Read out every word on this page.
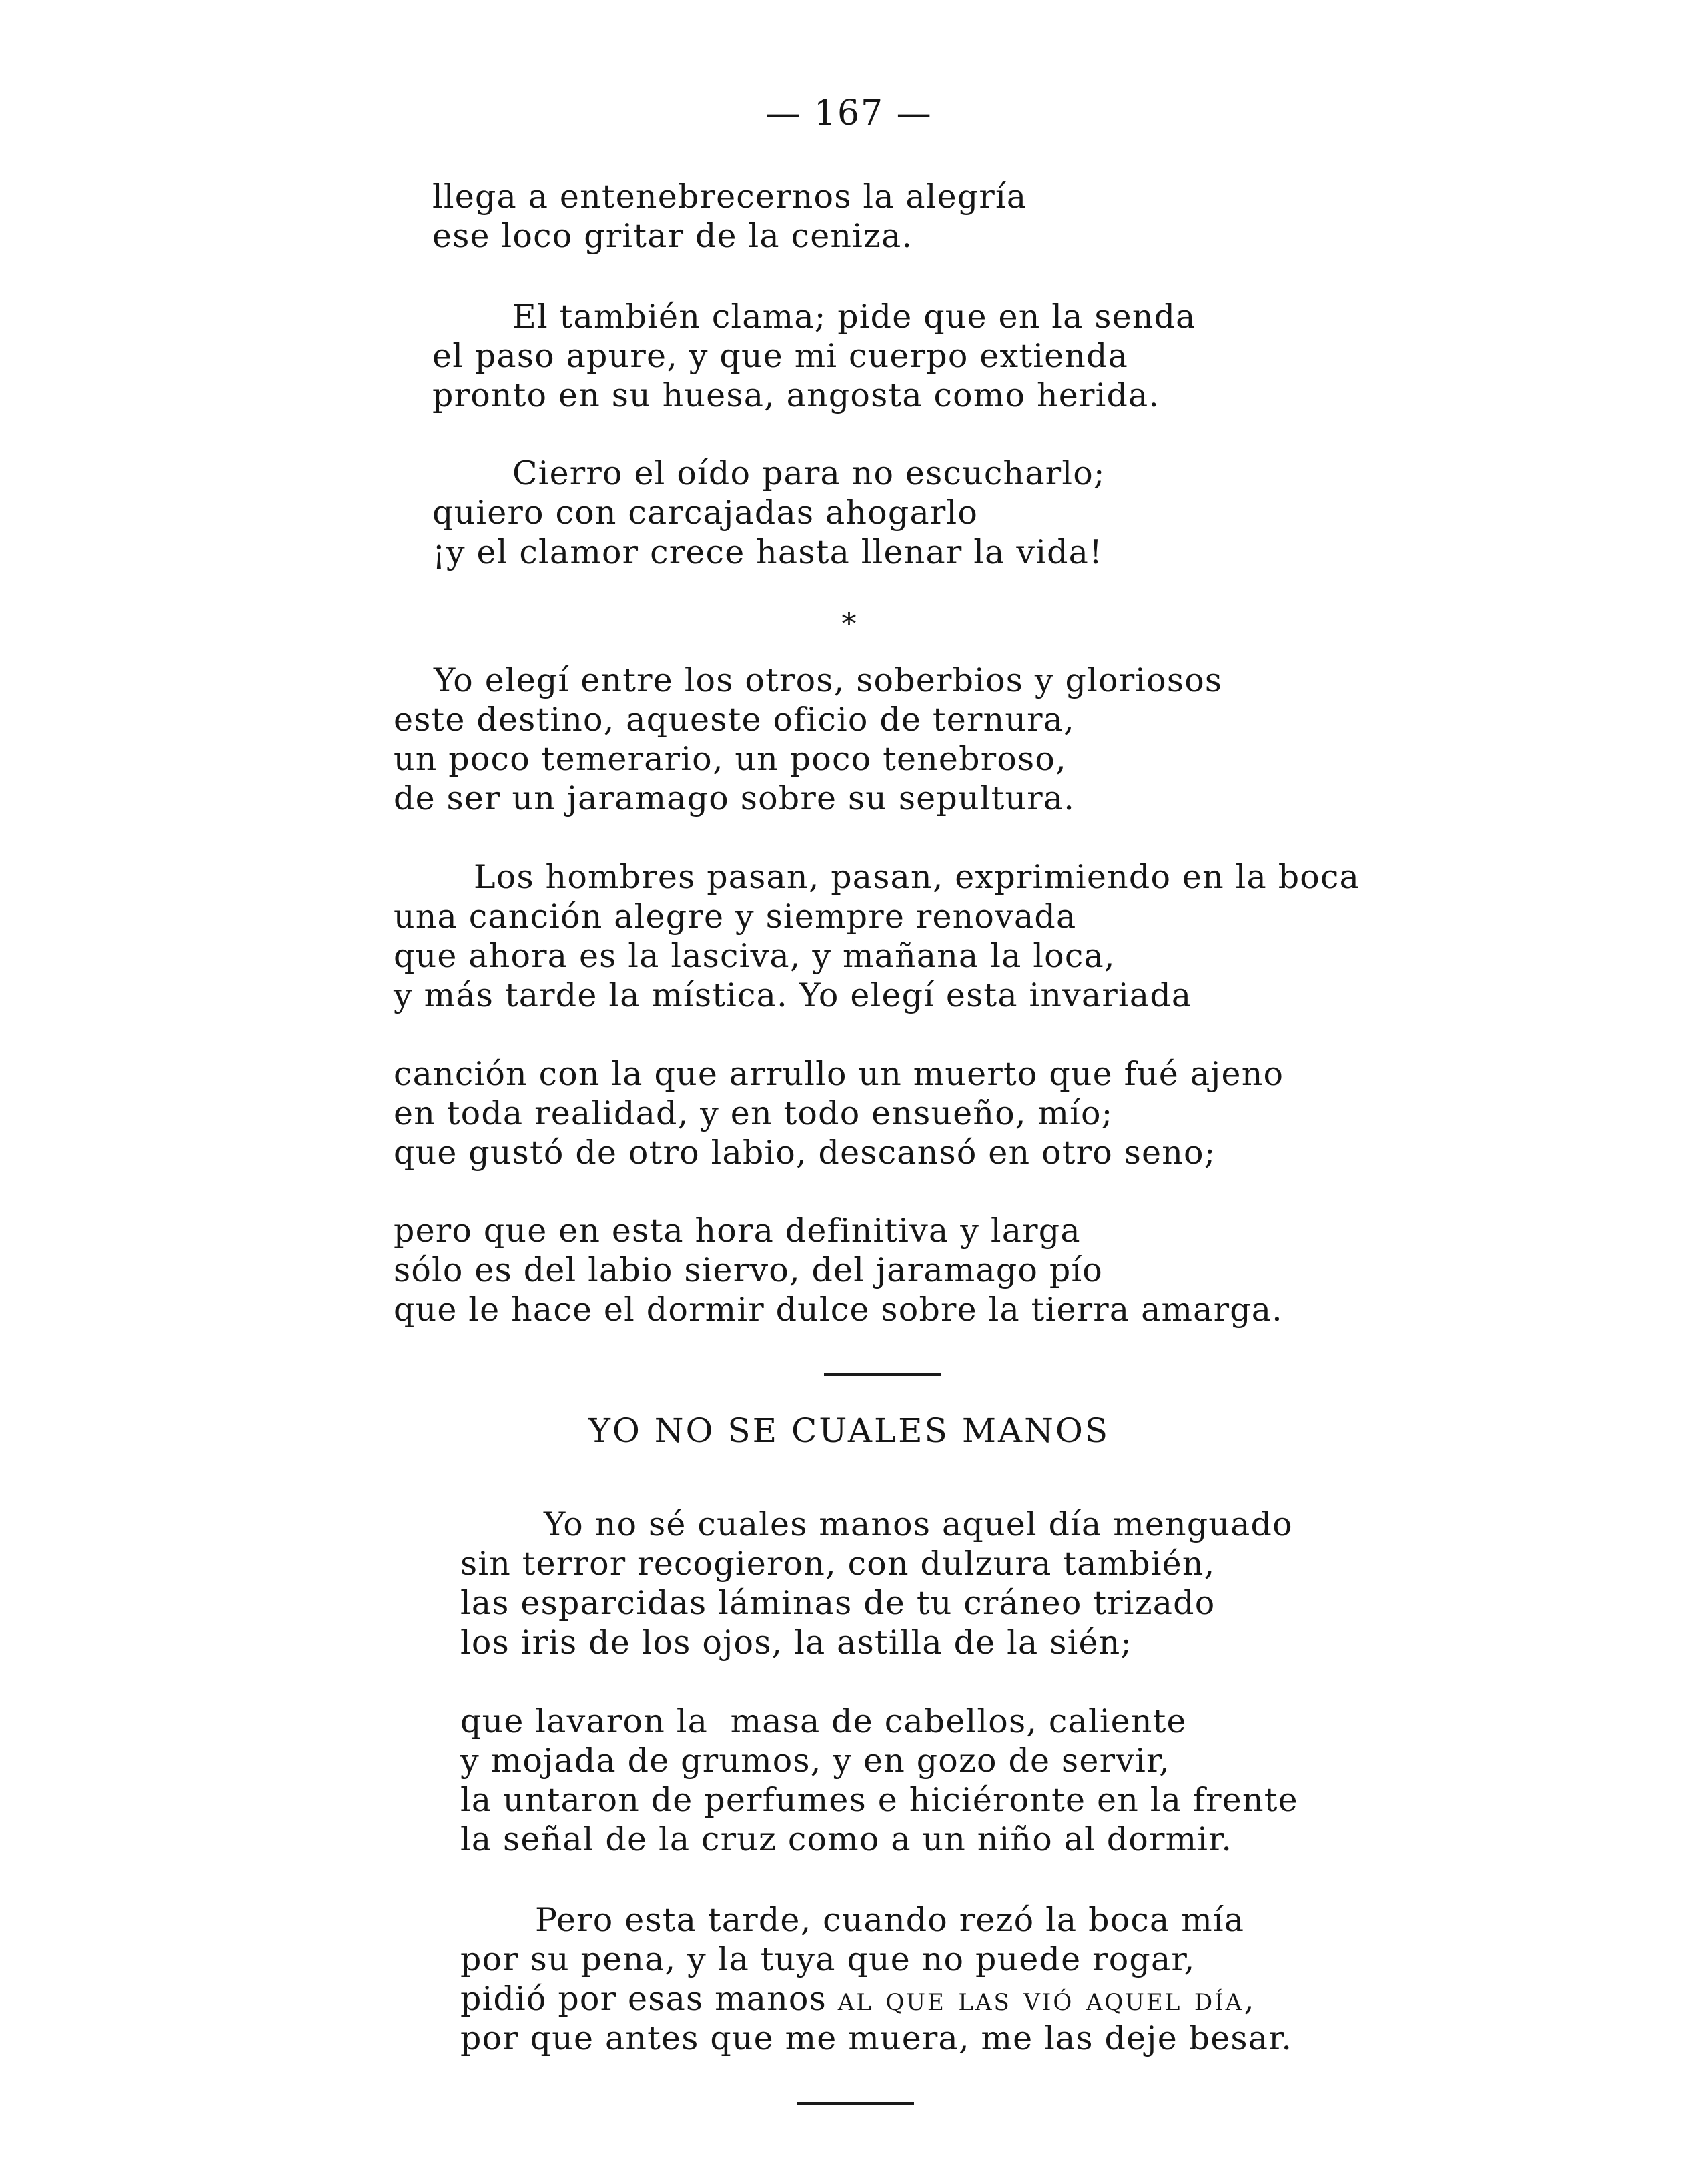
— 167 —
llega a entenebrecernos la alegría
ese loco gritar de la ceniza.
El también clama; pide que en la senda
el paso apure, y que mi cuerpo extienda
pronto en su huesa, angosta como herida.
Cierro el oído para no escucharlo;
quiero con carcajadas ahogarlo
¡y el clamor crece hasta llenar la vida!
*
Yo elegí entre los otros, soberbios y gloriosos
este destino, aqueste oficio de ternura,
un poco temerario, un poco tenebroso,
de ser un jaramago sobre su sepultura.
Los hombres pasan, pasan, exprimiendo en la boca
una canción alegre y siempre renovada
que ahora es la lasciva, y mañana la loca,
y más tarde la mística. Yo elegí esta invariada
canción con la que arrullo un muerto que fué ajeno
en toda realidad, y en todo ensueño, mío;
que gustó de otro labio, descansó en otro seno;
pero que en esta hora definitiva y larga
sólo es del labio siervo, del jaramago pío
que le hace el dormir dulce sobre la tierra amarga.
YO NO SE CUALES MANOS
Yo no sé cuales manos aquel día menguado
sin terror recogieron, con dulzura también,
las esparcidas láminas de tu cráneo trizado
los iris de los ojos, la astilla de la sién;
que lavaron la  masa de cabellos, caliente
y mojada de grumos, y en gozo de servir,
la untaron de perfumes e hiciéronte en la frente
la señal de la cruz como a un niño al dormir.
Pero esta tarde, cuando rezó la boca mía
por su pena, y la tuya que no puede rogar,
pidió por esas manos al que las vió aquel día,
por que antes que me muera, me las deje besar.
